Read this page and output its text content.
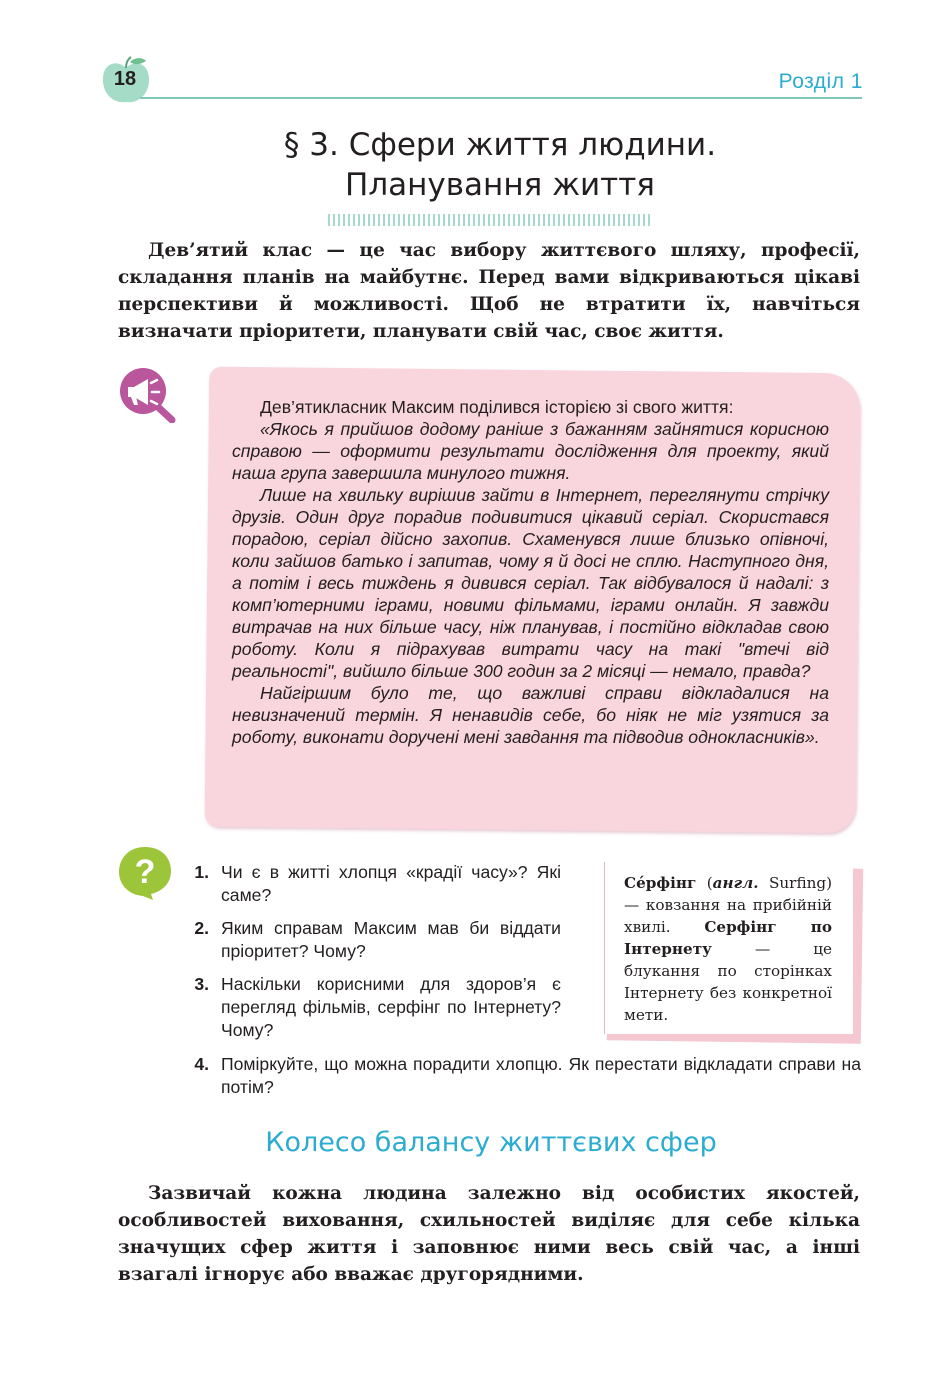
18	Розділ 1
§ 3. Сфери життя людини.
Планування життя
Дев’ятий клас — це час вибору життєвого шляху, професії, складання планів на майбутнє. Перед вами відкриваються цікаві перспективи й можливості. Щоб не втратити їх, навчіться визначати пріоритети, планувати свій час, своє життя.

Дев’ятикласник Максим поділився історією зі свого життя:

«Якось я прийшов додому раніше з бажанням зайнятися корисною справою — оформити результати дослідження для проекту, який наша група завершила минулого тижня.

Лише на хвильку вирішив зайти в Інтернет, переглянути стрічку друзів. Один друг порадив подивитися цікавий серіал. Скористався порадою, серіал дійсно захопив. Схаменувся лише близько опівночі, коли зайшов батько і запитав, чому я й досі не сплю. Наступного дня, а потім і весь тиждень я дивився серіал. Так відбувалося й надалі: з комп’ютерними іграми, новими фільмами, іграми онлайн. Я завжди витрачав на них більше часу, ніж планував, і постійно відкладав свою роботу. Коли я підрахував витрати часу на такі "втечі від реальності", вийшло більше 300 годин за 2 місяці — немало, правда?

Найгіршим було те, що важливі справи відкладалися на невизначений термін. Я ненавидів себе, бо ніяк не міг узятися за роботу, виконати доручені мені завдання та підводив однокласників».

?	1. Чи є в житті хлопця «крадії часу»? Які саме?
2. Яким справам Максим мав би віддати пріоритет? Чому?
3. Наскільки корисними для здоров’я є перегляд фільмів, серфінг по Інтернету? Чому?
4. Поміркуйте, що можна порадити хлопцю. Як перестати відкладати справи на потім?
Се́рфінг (англ. Surfing) — ковзання на прибійній хвилі. Серфінг по Інтернету	— це блукання по сторінках Інтернету без конкретної мети.
Колесо балансу життєвих сфер
Зазвичай кожна людина залежно від особистих якостей, особливостей виховання, схильностей виділяє для себе кілька значущих сфер життя і заповнює ними весь свій час, а інші взагалі ігнорує або вважає другорядними.
